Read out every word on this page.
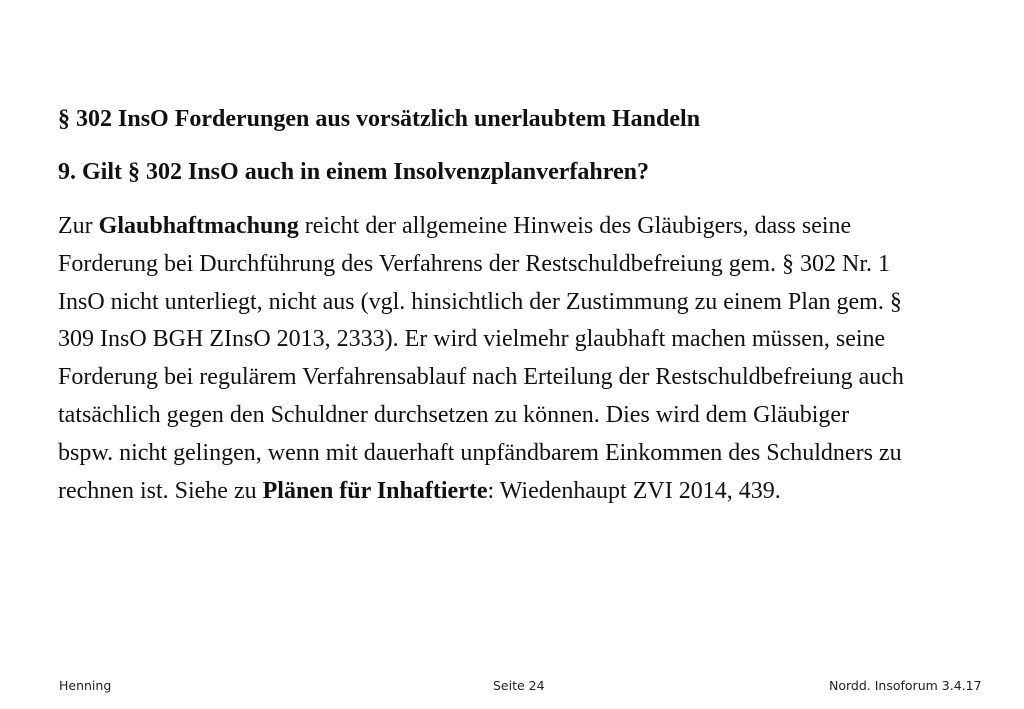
§ 302 InsO Forderungen aus vorsätzlich unerlaubtem Handeln
9. Gilt § 302 InsO auch in einem Insolvenzplanverfahren?

Zur Glaubhaftmachung reicht der allgemeine Hinweis des Gläubigers, dass seine

Forderung bei Durchführung des Verfahrens der Restschuldbefreiung gem. § 302 Nr. 1

InsO nicht unterliegt, nicht aus (vgl. hinsichtlich der Zustimmung zu einem Plan gem. §

309 InsO BGH ZInsO 2013, 2333). Er wird vielmehr glaubhaft machen müssen, seine

Forderung bei regulärem Verfahrensablauf nach Erteilung der Restschuldbefreiung auch

tatsächlich gegen den Schuldner durchsetzen zu können. Dies wird dem Gläubiger

bspw. nicht gelingen, wenn mit dauerhaft unpfändbarem Einkommen des Schuldners zu

rechnen ist. Siehe zu Plänen für Inhaftierte: Wiedenhaupt ZVI 2014, 439.

Henning	Seite 24	Nordd. Insoforum 3.4.17
